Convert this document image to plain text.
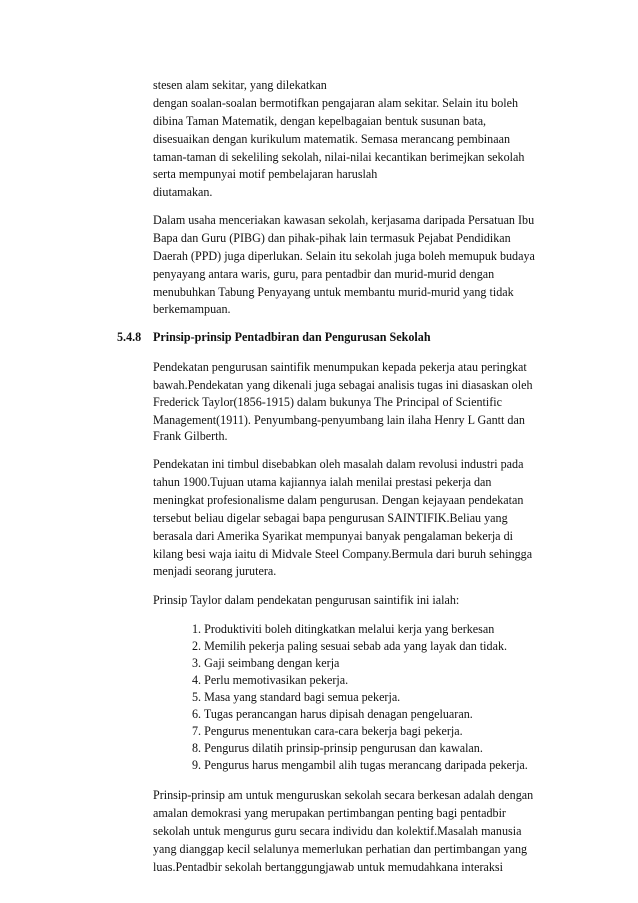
stesen alam sekitar, yang dilekatkan
dengan soalan-soalan bermotifkan pengajaran alam sekitar. Selain itu boleh
dibina Taman Matematik, dengan kepelbagaian bentuk susunan bata,
disesuaikan dengan kurikulum matematik. Semasa merancang pembinaan
taman-taman di sekeliling sekolah, nilai-nilai kecantikan berimejkan sekolah
serta mempunyai motif pembelajaran haruslah
diutamakan.
Dalam usaha menceriakan kawasan sekolah, kerjasama daripada Persatuan Ibu
Bapa dan Guru (PIBG) dan pihak-pihak lain termasuk Pejabat Pendidikan
Daerah (PPD) juga diperlukan. Selain itu sekolah juga boleh memupuk budaya
penyayang antara waris, guru, para pentadbir dan murid-murid dengan
menubuhkan Tabung Penyayang untuk membantu murid-murid yang tidak
berkemampuan.
5.4.8 Prinsip-prinsip Pentadbiran dan Pengurusan Sekolah
Pendekatan pengurusan saintifik menumpukan kepada pekerja atau peringkat
bawah.Pendekatan yang dikenali juga sebagai analisis tugas ini diasaskan oleh
Frederick Taylor(1856-1915) dalam bukunya The Principal of Scientific
Management(1911). Penyumbang-penyumbang lain ilaha Henry L Gantt dan
Frank Gilberth.
Pendekatan ini timbul disebabkan oleh masalah dalam revolusi industri pada
tahun 1900.Tujuan utama kajiannya ialah menilai prestasi pekerja dan
meningkat profesionalisme dalam pengurusan. Dengan kejayaan pendekatan
tersebut beliau digelar sebagai bapa pengurusan SAINTIFIK.Beliau yang
berasala dari Amerika Syarikat mempunyai banyak pengalaman bekerja di
kilang besi waja iaitu di Midvale Steel Company.Bermula dari buruh sehingga
menjadi seorang jurutera.
Prinsip Taylor dalam pendekatan pengurusan saintifik ini ialah:
1. Produktiviti boleh ditingkatkan melalui kerja yang berkesan
2. Memilih pekerja paling sesuai sebab ada yang layak dan tidak.
3. Gaji seimbang dengan kerja
4. Perlu memotivasikan pekerja.
5. Masa yang standard bagi semua pekerja.
6. Tugas perancangan harus dipisah denagan pengeluaran.
7. Pengurus menentukan cara-cara bekerja bagi pekerja.
8. Pengurus dilatih prinsip-prinsip pengurusan dan kawalan.
9. Pengurus harus mengambil alih tugas merancang daripada pekerja.
Prinsip-prinsip am untuk menguruskan sekolah secara berkesan adalah dengan
amalan demokrasi yang merupakan pertimbangan penting bagi pentadbir
sekolah untuk mengurus guru secara individu dan kolektif.Masalah manusia
yang dianggap kecil selalunya memerlukan perhatian dan pertimbangan yang
luas.Pentadbir sekolah bertanggungjawab untuk memudahkana interaksi
